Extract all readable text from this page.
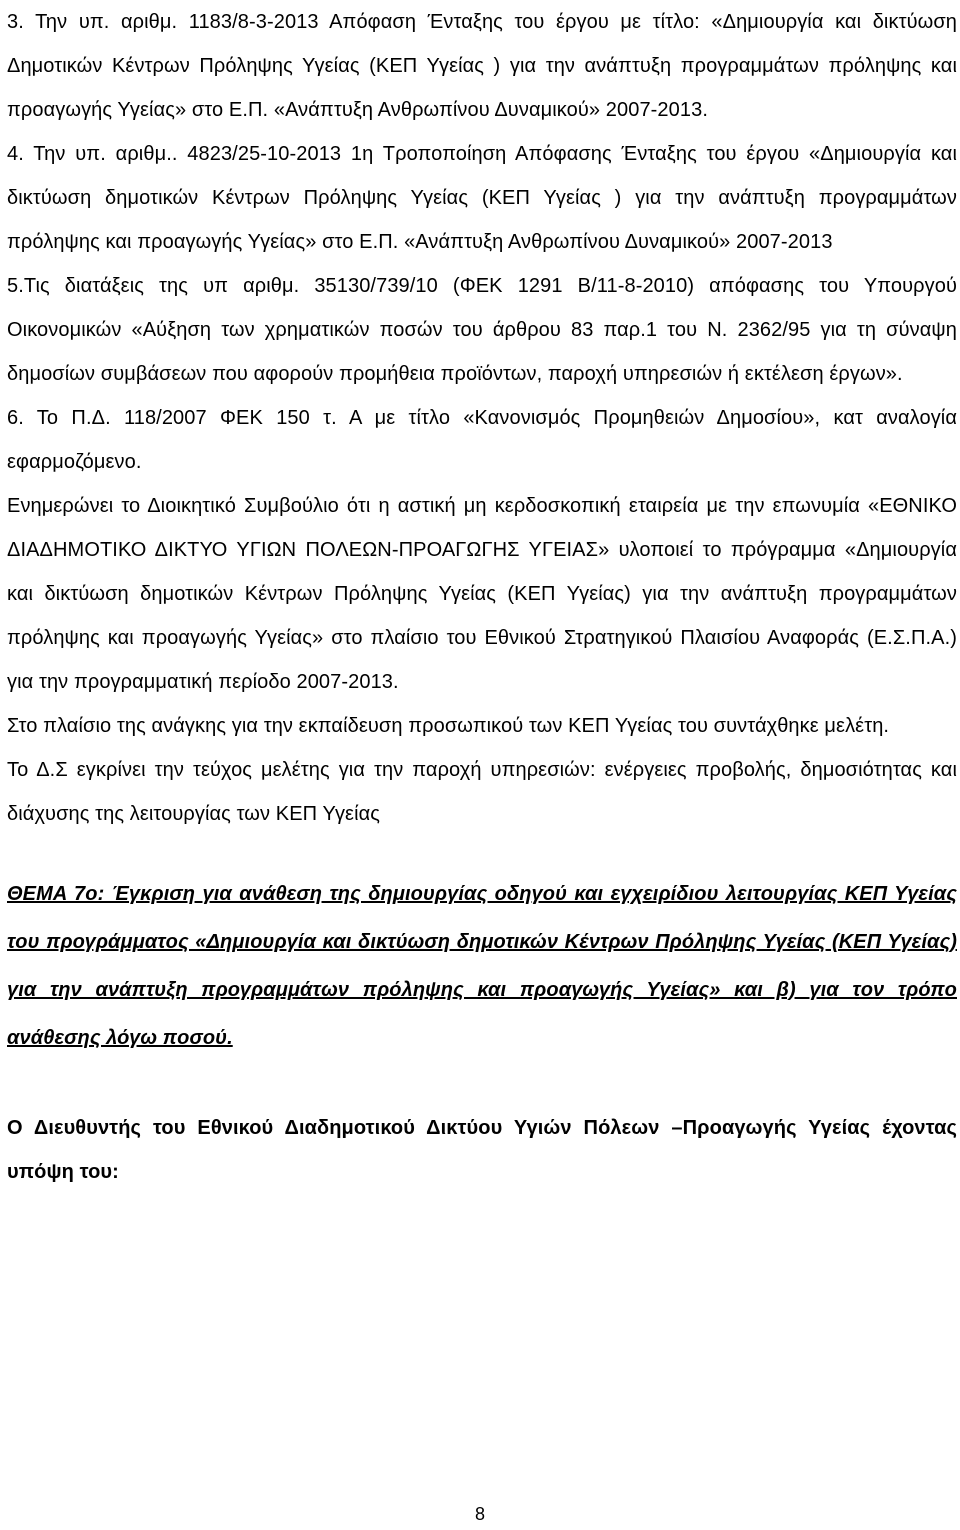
3. Την υπ. αριθμ. 1183/8-3-2013 Απόφαση Ένταξης του έργου με τίτλο: «Δημιουργία και δικτύωση Δημοτικών Κέντρων Πρόληψης Υγείας (ΚΕΠ Υγείας ) για την ανάπτυξη προγραμμάτων πρόληψης και προαγωγής Υγείας» στο Ε.Π. «Ανάπτυξη Ανθρωπίνου Δυναμικού» 2007-2013.

4. Την υπ. αριθμ.. 4823/25-10-2013 1η Τροποποίηση Απόφασης Ένταξης του έργου «Δημιουργία και δικτύωση δημοτικών Κέντρων Πρόληψης Υγείας (ΚΕΠ Υγείας ) για την ανάπτυξη προγραμμάτων πρόληψης και προαγωγής Υγείας» στο Ε.Π. «Ανάπτυξη Ανθρωπίνου Δυναμικού» 2007-2013

5.Τις διατάξεις της υπ αριθμ. 35130/739/10 (ΦΕΚ 1291 Β/11-8-2010) απόφασης του Υπουργού Οικονομικών «Αύξηση των χρηματικών ποσών του άρθρου 83 παρ.1 του Ν. 2362/95 για τη σύναψη δημοσίων συμβάσεων που αφορούν προμήθεια προϊόντων, παροχή υπηρεσιών ή εκτέλεση έργων».

6. Το Π.Δ. 118/2007 ΦΕΚ 150 τ. Α με τίτλο «Κανονισμός Προμηθειών Δημοσίου», κατ αναλογία εφαρμοζόμενο.

Ενημερώνει το Διοικητικό Συμβούλιο ότι η αστική μη κερδοσκοπική εταιρεία με την επωνυμία «ΕΘΝΙΚΟ ΔΙΑΔΗΜΟΤΙΚΟ ΔΙΚΤΥΟ ΥΓΙΩΝ ΠΟΛΕΩΝ-ΠΡΟΑΓΩΓΗΣ ΥΓΕΙΑΣ» υλοποιεί το πρόγραμμα «Δημιουργία και δικτύωση δημοτικών Κέντρων Πρόληψης Υγείας (ΚΕΠ Υγείας) για την ανάπτυξη προγραμμάτων πρόληψης και προαγωγής Υγείας» στο πλαίσιο του Εθνικού Στρατηγικού Πλαισίου Αναφοράς (Ε.Σ.Π.Α.) για την προγραμματική περίοδο 2007-2013.

Στο πλαίσιο της ανάγκης για την εκπαίδευση προσωπικού των ΚΕΠ Υγείας του συντάχθηκε μελέτη.

Το Δ.Σ εγκρίνει την τεύχος μελέτης για την παροχή υπηρεσιών: ενέργειες προβολής, δημοσιότητας και διάχυσης της λειτουργίας των ΚΕΠ Υγείας

ΘΕΜΑ 7ο: Έγκριση για ανάθεση της δημιουργίας οδηγού και εγχειρίδιου λειτουργίας ΚΕΠ Υγείας του προγράμματος «Δημιουργία και δικτύωση δημοτικών Κέντρων Πρόληψης Υγείας (ΚΕΠ Υγείας) για την ανάπτυξη προγραμμάτων πρόληψης και προαγωγής Υγείας» και β) για τον τρόπο ανάθεσης λόγω ποσού.

Ο Διευθυντής του Εθνικού Διαδημοτικού Δικτύου Υγιών Πόλεων –Προαγωγής Υγείας έχοντας υπόψη του:

8
